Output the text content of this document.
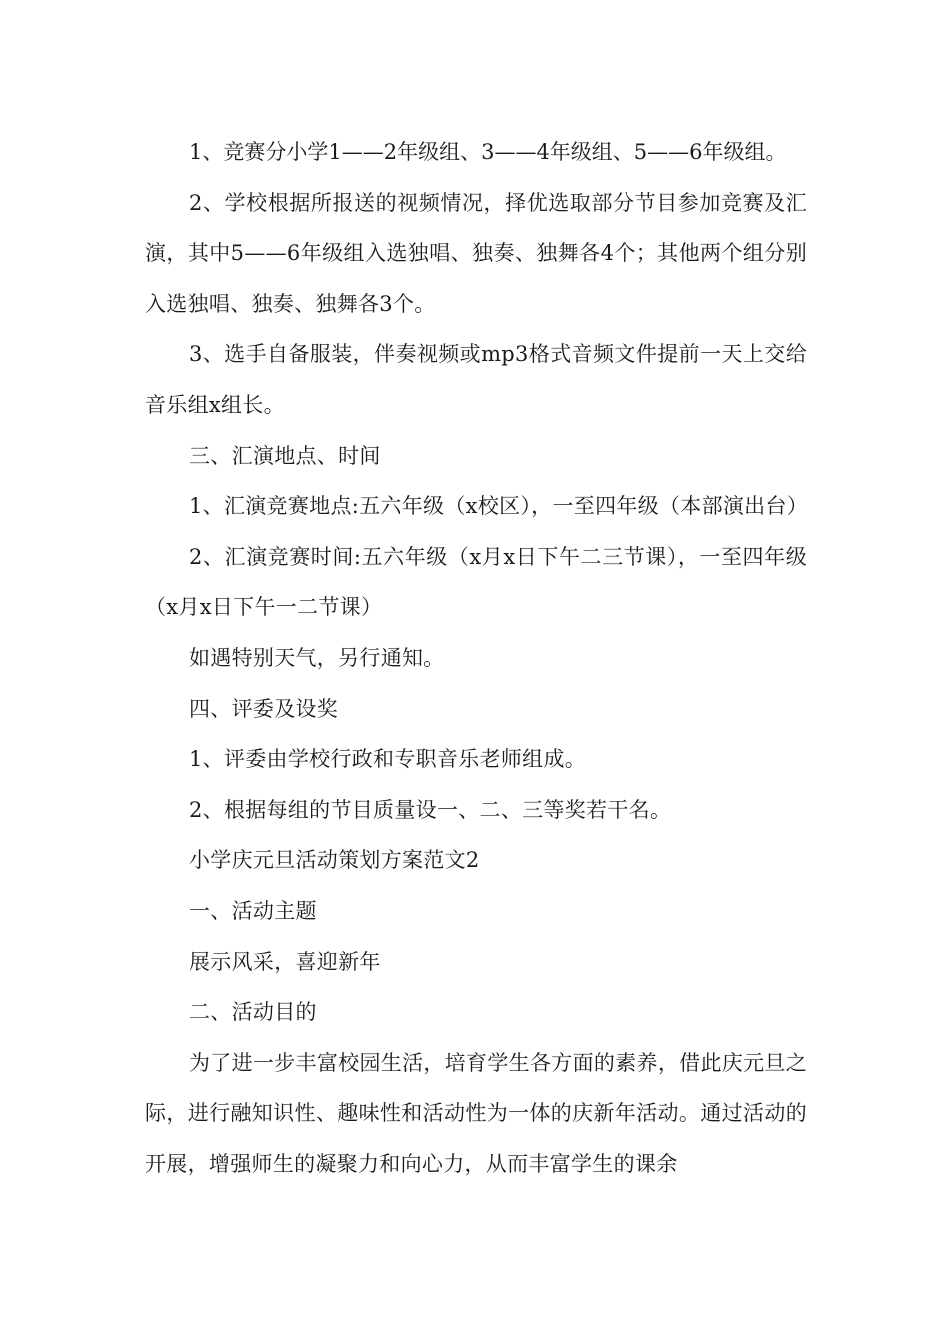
1、竞赛分小学1——2年级组、3——4年级组、5——6年级组。

2、学校根据所报送的视频情况，择优选取部分节目参加竞赛及汇演，其中5——6年级组入选独唱、独奏、独舞各4个；其他两个组分别入选独唱、独奏、独舞各3个。

3、选手自备服装，伴奏视频或mp3格式音频文件提前一天上交给音乐组x组长。

三、汇演地点、时间

1、汇演竞赛地点:五六年级（x校区），一至四年级（本部演出台）

2、汇演竞赛时间:五六年级（x月x日下午二三节课），一至四年级（x月x日下午一二节课）

如遇特别天气，另行通知。

四、评委及设奖

1、评委由学校行政和专职音乐老师组成。

2、根据每组的节目质量设一、二、三等奖若干名。

小学庆元旦活动策划方案范文2

一、活动主题

展示风采，喜迎新年

二、活动目的

为了进一步丰富校园生活，培育学生各方面的素养，借此庆元旦之际，进行融知识性、趣味性和活动性为一体的庆新年活动。通过活动的开展，增强师生的凝聚力和向心力，从而丰富学生的课余
